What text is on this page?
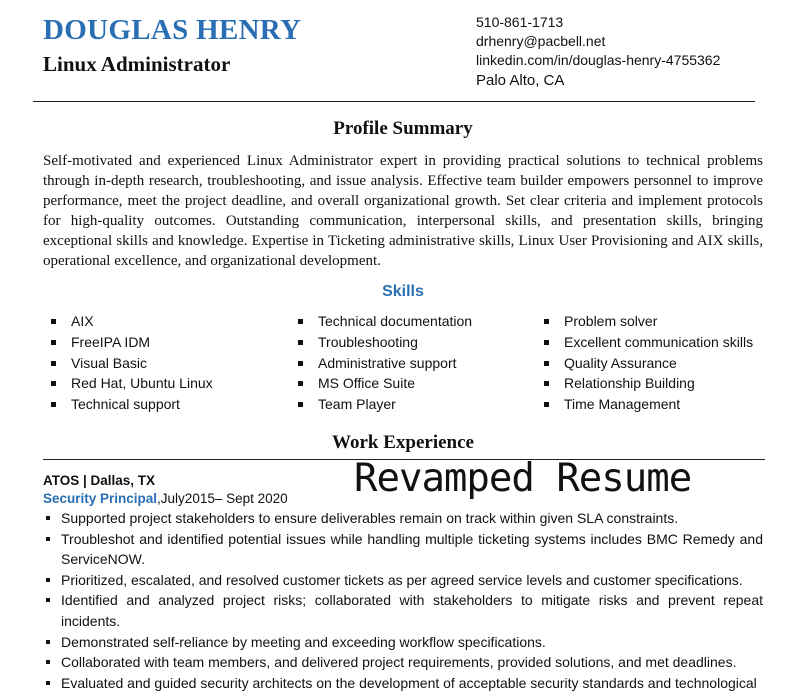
DOUGLAS HENRY
Linux Administrator
510-861-1713
drhenry@pacbell.net
linkedin.com/in/douglas-henry-4755362
Palo Alto, CA
Profile Summary
Self-motivated and experienced Linux Administrator expert in providing practical solutions to technical problems through in-depth research, troubleshooting, and issue analysis. Effective team builder empowers personnel to improve performance, meet the project deadline, and overall organizational growth. Set clear criteria and implement protocols for high-quality outcomes. Outstanding communication, interpersonal skills, and presentation skills, bringing exceptional skills and knowledge. Expertise in Ticketing administrative skills, Linux User Provisioning and AIX skills, operational excellence, and organizational development.
Skills
AIX
FreeIPA IDM
Visual Basic
Red Hat, Ubuntu Linux
Technical support
Technical documentation
Troubleshooting
Administrative support
MS Office Suite
Team Player
Problem solver
Excellent communication skills
Quality Assurance
Relationship Building
Time Management
Work Experience
ATOS | Dallas, TX
Security Principal,July2015– Sept 2020 Revamped Resume
Supported project stakeholders to ensure deliverables remain on track within given SLA constraints.
Troubleshot and identified potential issues while handling multiple ticketing systems includes BMC Remedy and ServiceNOW.
Prioritized, escalated, and resolved customer tickets as per agreed service levels and customer specifications.
Identified and analyzed project risks; collaborated with stakeholders to mitigate risks and prevent repeat incidents.
Demonstrated self-reliance by meeting and exceeding workflow specifications.
Collaborated with team members, and delivered project requirements, provided solutions, and met deadlines.
Evaluated and guided security architects on the development of acceptable security standards and technological
